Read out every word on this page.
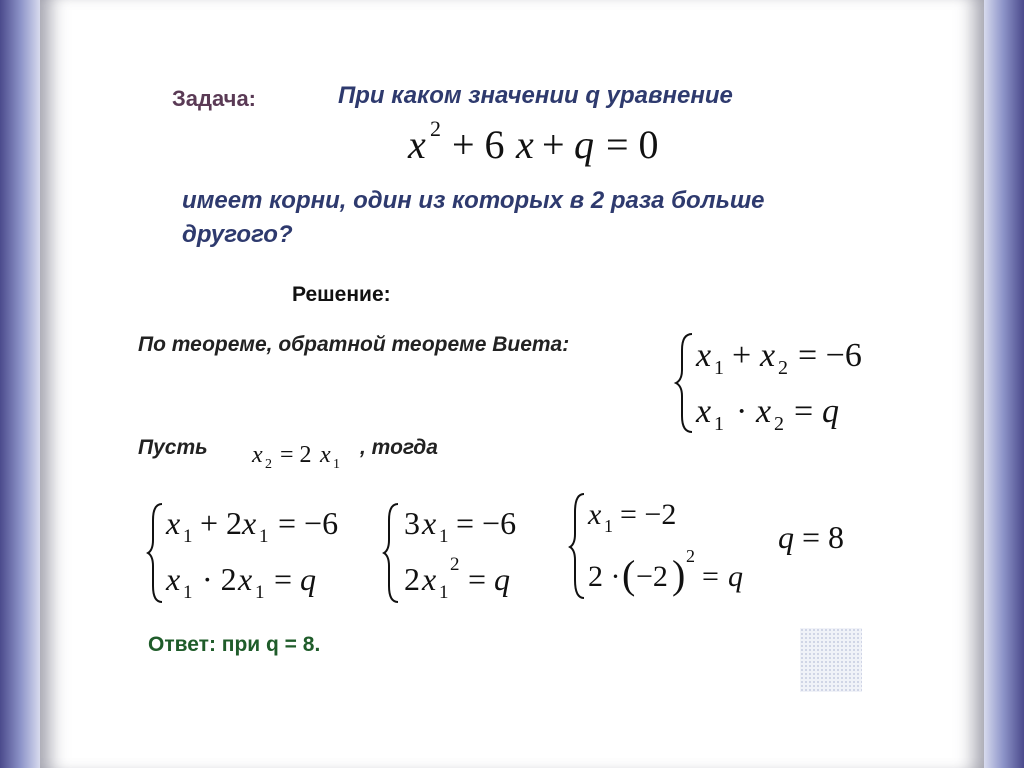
Задача:	При каком значении q уравнение
x 2 + 6 x + q = 0
имеет корни, один из которых в 2 раза больше
другого?
Решение:
По теореме, обратной теореме Виета:	x 1 + x 2 = −6
x 1 · x 2 = q
Пусть x 2 = 2 x 1
, тогда
x 1 + 2 x 1 = −6
x 1 · 2 x 1 = q
3 x 1 = −6
2 x 1
2 = q
x 1 = −2
2 · ( −2 ) 2
= q
q = 8
Ответ: при q = 8.
